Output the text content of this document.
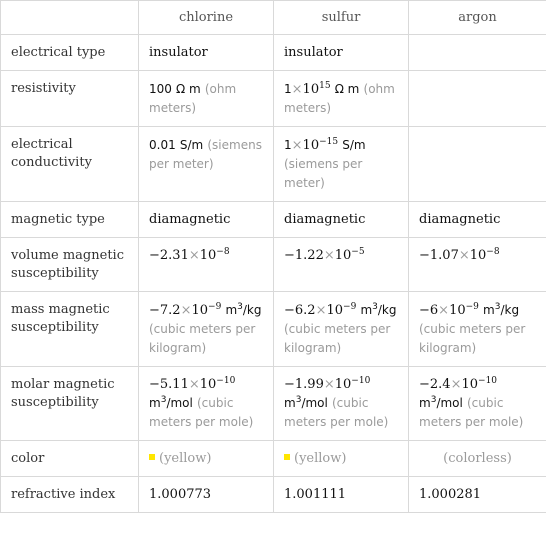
	chlorine	sulfur	argon
electrical type	insulator	insulator	
resistivity	100 Ω m (ohm meters)	$1\times 10^{15}$ Ω m (ohm meters)	
electrical conductivity	0.01 S/m (siemens per meter)	$1\times 10^{-15}$ S/m (siemens per meter)	
magnetic type	diamagnetic	diamagnetic	diamagnetic
volume magnetic susceptibility	$-2.31\times 10^{-8}$	$-1.22\times 10^{-5}$	$-1.07\times 10^{-8}$
mass magnetic susceptibility	$-7.2\times 10^{-9}$ $m^3/kg$ (cubic meters per kilogram)	$-6.2\times 10^{-9}$ $m^3/kg$ (cubic meters per kilogram)	$-6\times 10^{-9}$ $m^3/kg$ (cubic meters per kilogram)
molar magnetic susceptibility	$-5.11\times 10^{-10}$ $m^3$/mol (cubic meters per mole)	$-1.99\times 10^{-10}$ $m^3$/mol (cubic meters per mole)	$-2.4\times 10^{-10}$ $m^3$/mol (cubic meters per mole)
color	(yellow)	(yellow)	(colorless)
refractive index	1.000773	1.001111	1.000281
